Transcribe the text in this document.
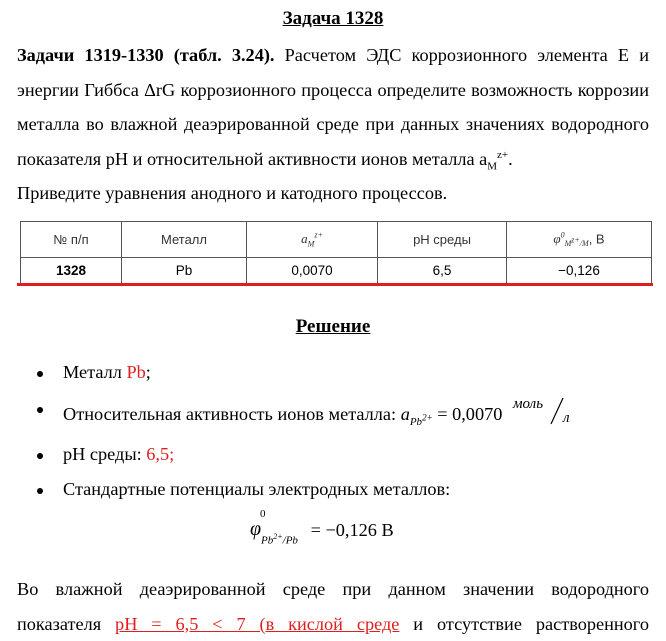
Задача 1328
Задачи 1319-1330 (табл. 3.24). Расчетом ЭДС коррозионного элемента E и энергии Гиббса ΔrG коррозионного процесса определите возможность коррозии металла во влажной деаэрированной среде при данных значениях водородного показателя pH и относительной активности ионов металла $a_M^{z+}$.
Приведите уравнения анодного и катодного процессов.
№ п/п	Металл	$a_M^{z+}$	pH среды	$\varphi^0_{M^{z+}/M}$, В
1328	Pb	0,0070	6,5	−0,126
Решение
Металл Pb;
Относительная активность ионов металла: $a_{Pb^{2+}} = 0,0070$ моль
л
pH среды: 6,5;
Стандартные потенциалы электродных металлов:
φ
0
$Pb^{2+}/Pb$
= −0,126 В
Во влажной деаэрированной среде при данном значении водородного
показателя pH = 6,5 < 7 (в кислой среде и отсутствие растворенного
